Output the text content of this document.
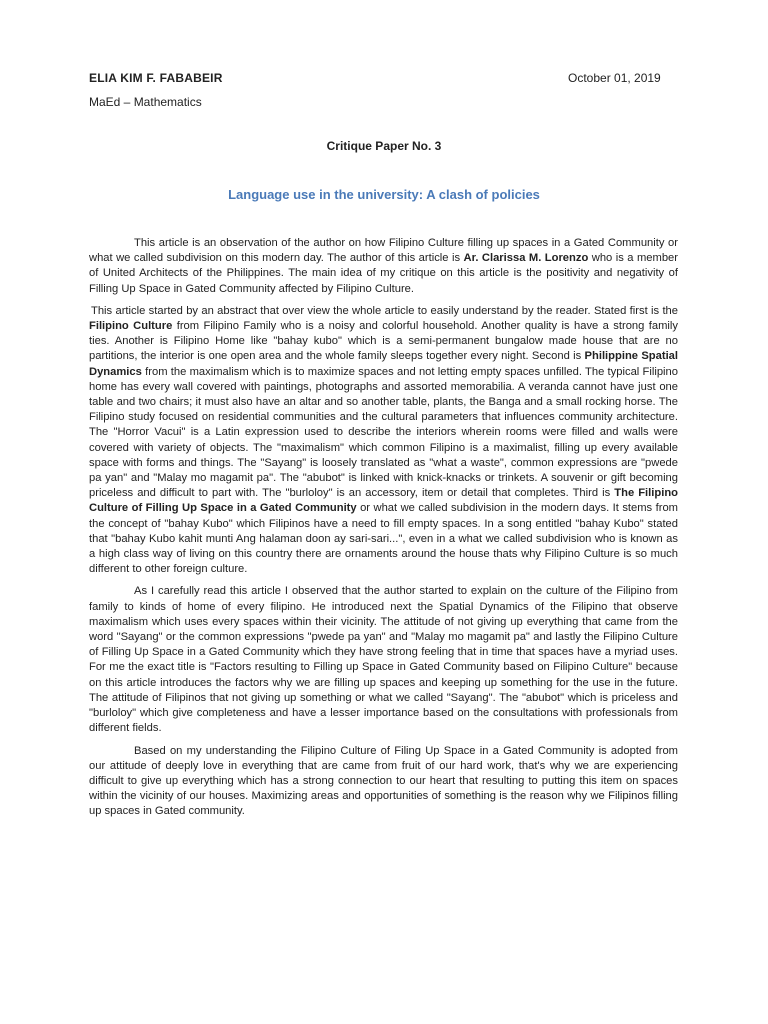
ELIA KIM F. FABABEIR	October 01, 2019
MaEd – Mathematics
Critique Paper No. 3
Language use in the university: A clash of policies

This article is an observation of the author on how Filipino Culture filling up spaces in a Gated Community or what we called subdivision on this modern day. The author of this article is Ar. Clarissa M. Lorenzo who is a member of United Architects of the Philippines. The main idea of my critique on this article is the positivity and negativity of Filling Up Space in Gated Community affected by Filipino Culture.

This article started by an abstract that over view the whole article to easily understand by the reader. Stated first is the Filipino Culture from Filipino Family who is a noisy and colorful household. Another quality is have a strong family ties. Another is Filipino Home like "bahay kubo" which is a semi-permanent bungalow made house that are no partitions, the interior is one open area and the whole family sleeps together every night. Second is Philippine Spatial Dynamics from the maximalism which is to maximize spaces and not letting empty spaces unfilled. The typical Filipino home has every wall covered with paintings, photographs and assorted memorabilia. A veranda cannot have just one table and two chairs; it must also have an altar and so another table, plants, the Banga and a small rocking horse. The Filipino study focused on residential communities and the cultural parameters that influences community architecture. The "Horror Vacui" is a Latin expression used to describe the interiors wherein rooms were filled and walls were covered with variety of objects. The "maximalism" which common Filipino is a maximalist, filling up every available space with forms and things. The "Sayang" is loosely translated as "what a waste", common expressions are "pwede pa yan" and "Malay mo magamit pa". The "abubot" is linked with knick-knacks or trinkets. A souvenir or gift becoming priceless and difficult to part with. The "burloloy" is an accessory, item or detail that completes. Third is The Filipino Culture of Filling Up Space in a Gated Community or what we called subdivision in the modern days. It stems from the concept of "bahay Kubo" which Filipinos have a need to fill empty spaces. In a song entitled "bahay Kubo" stated that "bahay Kubo kahit munti Ang halaman doon ay sari-sari...", even in a what we called subdivision who is known as a high class way of living on this country there are ornaments around the house thats why Filipino Culture is so much different to other foreign culture.

As I carefully read this article I observed that the author started to explain on the culture of the Filipino from family to kinds of home of every filipino. He introduced next the Spatial Dynamics of the Filipino that observe maximalism which uses every spaces within their vicinity. The attitude of not giving up everything that came from the word "Sayang" or the common expressions "pwede pa yan" and "Malay mo magamit pa" and lastly the Filipino Culture of Filling Up Space in a Gated Community which they have strong feeling that in time that spaces have a myriad uses. For me the exact title is "Factors resulting to Filling up Space in Gated Community based on Filipino Culture" because on this article introduces the factors why we are filling up spaces and keeping up something for the use in the future. The attitude of Filipinos that not giving up something or what we called "Sayang". The "abubot" which is priceless and "burloloy" which give completeness and have a lesser importance based on the consultations with professionals from different fields.

Based on my understanding the Filipino Culture of Filing Up Space in a Gated Community is adopted from our attitude of deeply love in everything that are came from fruit of our hard work, that's why we are experiencing difficult to give up everything which has a strong connection to our heart that resulting to putting this item on spaces within the vicinity of our houses. Maximizing areas and opportunities of something is the reason why we Filipinos filling up spaces in Gated community.
